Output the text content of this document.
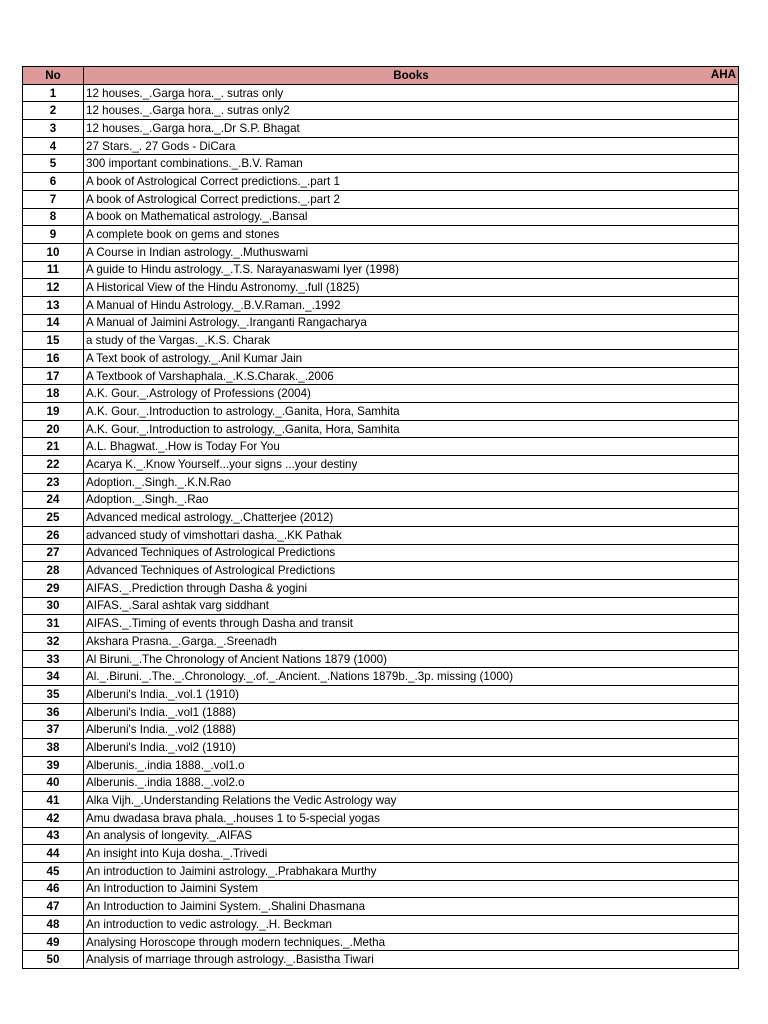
No	Books AHA

1	12 houses._.Garga hora._. sutras only
2	12 houses._.Garga hora._. sutras only2
3	12 houses._.Garga hora._.Dr S.P. Bhagat
4	27 Stars._. 27 Gods - DiCara
5	300 important combinations._.B.V. Raman
6	A book of Astrological Correct predictions._.part 1
7	A book of Astrological Correct predictions._.part 2
8	A book on Mathematical astrology._.Bansal
9	A complete book on gems and stones
10	A Course in Indian astrology._.Muthuswami
11	A guide to Hindu astrology._.T.S. Narayanaswami Iyer (1998)
12	A Historical View of the Hindu Astronomy._.full (1825)
13	A Manual of Hindu Astrology._.B.V.Raman._.1992
14	A Manual of Jaimini Astrology._.Iranganti Rangacharya
15	a study of the Vargas._.K.S. Charak
16	A Text book of astrology._.Anil Kumar Jain
17	A Textbook of Varshaphala._.K.S.Charak._.2006
18	A.K. Gour._.Astrology of Professions (2004)
19	A.K. Gour._.Introduction to astrology._.Ganita, Hora, Samhita
20	A.K. Gour._.Introduction to astrology._.Ganita, Hora, Samhita
21	A.L. Bhagwat._.How is Today For You
22	Acarya K._.Know Yourself...your signs ...your destiny
23	Adoption._.Singh._.K.N.Rao
24	Adoption._.Singh._.Rao
25	Advanced medical astrology._.Chatterjee (2012)
26	advanced study of vimshottari dasha._.KK Pathak
27	Advanced Techniques of Astrological Predictions
28	Advanced Techniques of Astrological Predictions
29	AIFAS._.Prediction through Dasha & yogini
30	AIFAS._.Saral ashtak varg siddhant
31	AIFAS._.Timing of events through Dasha and transit
32	Akshara Prasna._.Garga._.Sreenadh
33	Al Biruni._.The Chronology of Ancient Nations 1879 (1000)
34	Al._.Biruni._.The._.Chronology._.of._.Ancient._.Nations 1879b._.3p. missing (1000)
35	Alberuni's India._.vol.1 (1910)
36	Alberuni's India._.vol1 (1888)
37	Alberuni's India._.vol2 (1888)
38	Alberuni's India._.vol2 (1910)
39	Alberunis._.india 1888._.vol1.o
40	Alberunis._.india 1888._.vol2.o
41	Alka Vijh._.Understanding Relations the Vedic Astrology way
42	Amu dwadasa brava phala._.houses 1 to 5-special yogas
43	An analysis of longevity._.AIFAS
44	An insight into Kuja dosha._.Trivedi
45	An introduction to Jaimini astrology._.Prabhakara Murthy
46	An Introduction to Jaimini System
47	An Introduction to Jaimini System._.Shalini Dhasmana
48	An introduction to vedic astrology._.H. Beckman
49	Analysing Horoscope through modern techniques._.Metha
50	Analysis of marriage through astrology._.Basistha Tiwari
